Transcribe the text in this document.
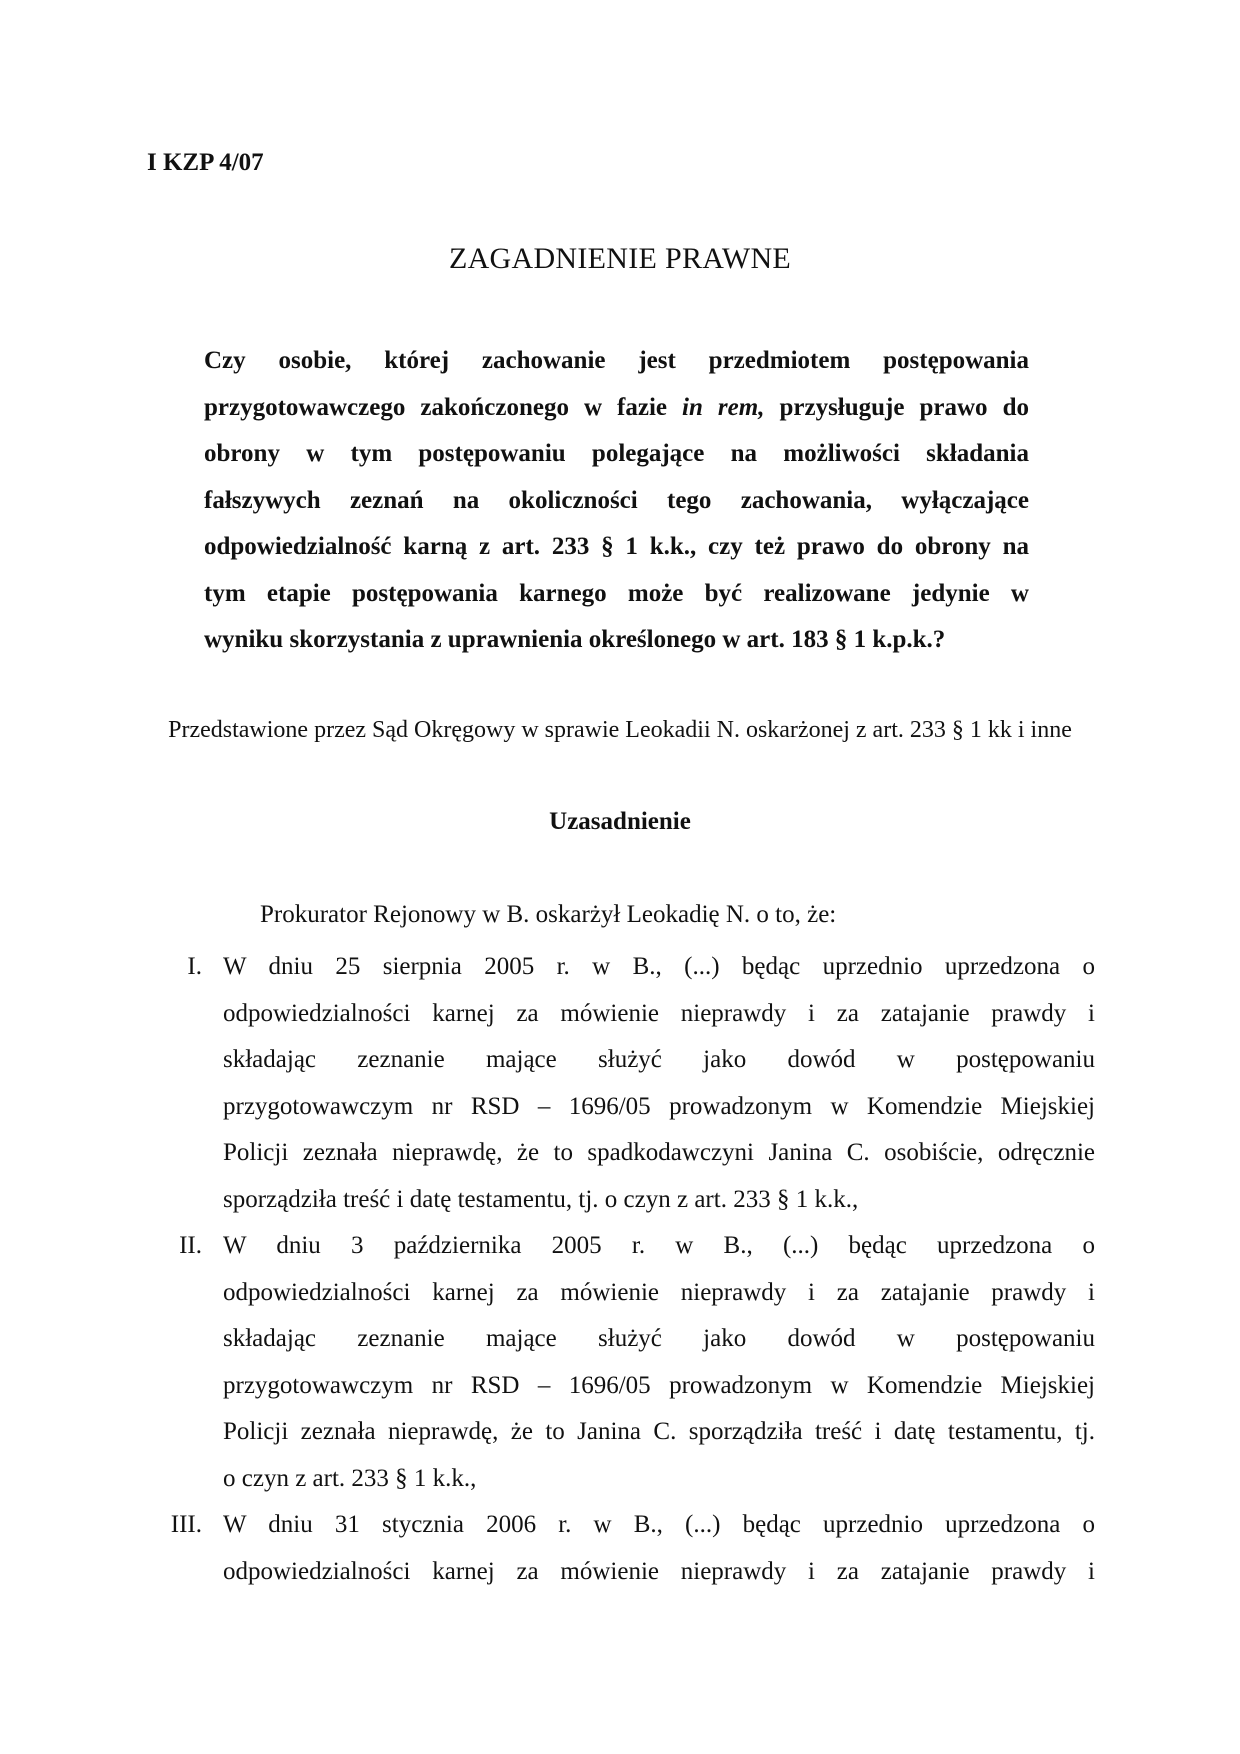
I KZP 4/07

ZAGADNIENIE PRAWNE

Czy osobie, której zachowanie jest przedmiotem postępowania
przygotowawczego zakończonego w fazie in rem, przysługuje prawo do
obrony w tym postępowaniu polegające na możliwości składania
fałszywych zeznań na okoliczności tego zachowania, wyłączające
odpowiedzialność karną z art. 233 § 1 k.k., czy też prawo do obrony na
tym etapie postępowania karnego może być realizowane jedynie w
wyniku skorzystania z uprawnienia określonego w art. 183 § 1 k.p.k.?

Przedstawione przez Sąd Okręgowy w sprawie Leokadii N. oskarżonej z art. 233 § 1 kk i inne

Uzasadnienie

Prokurator Rejonowy w B. oskarżył Leokadię N. o to, że:

I. W dniu 25 sierpnia 2005 r. w B., (...) będąc uprzednio uprzedzona o
odpowiedzialności karnej za mówienie nieprawdy i za zatajanie prawdy i
składając zeznanie mające służyć jako dowód w postępowaniu
przygotowawczym nr RSD – 1696/05 prowadzonym w Komendzie Miejskiej
Policji zeznała nieprawdę, że to spadkodawczyni Janina C. osobiście, odręcznie
sporządziła treść i datę testamentu, tj. o czyn z art. 233 § 1 k.k.,
II. W dniu 3 października 2005 r. w B., (...) będąc uprzedzona o
odpowiedzialności karnej za mówienie nieprawdy i za zatajanie prawdy i
składając zeznanie mające służyć jako dowód w postępowaniu
przygotowawczym nr RSD – 1696/05 prowadzonym w Komendzie Miejskiej
Policji zeznała nieprawdę, że to Janina C. sporządziła treść i datę testamentu, tj.
o czyn z art. 233 § 1 k.k.,
III. W dniu 31 stycznia 2006 r. w B., (...) będąc uprzednio uprzedzona o
odpowiedzialności karnej za mówienie nieprawdy i za zatajanie prawdy i
